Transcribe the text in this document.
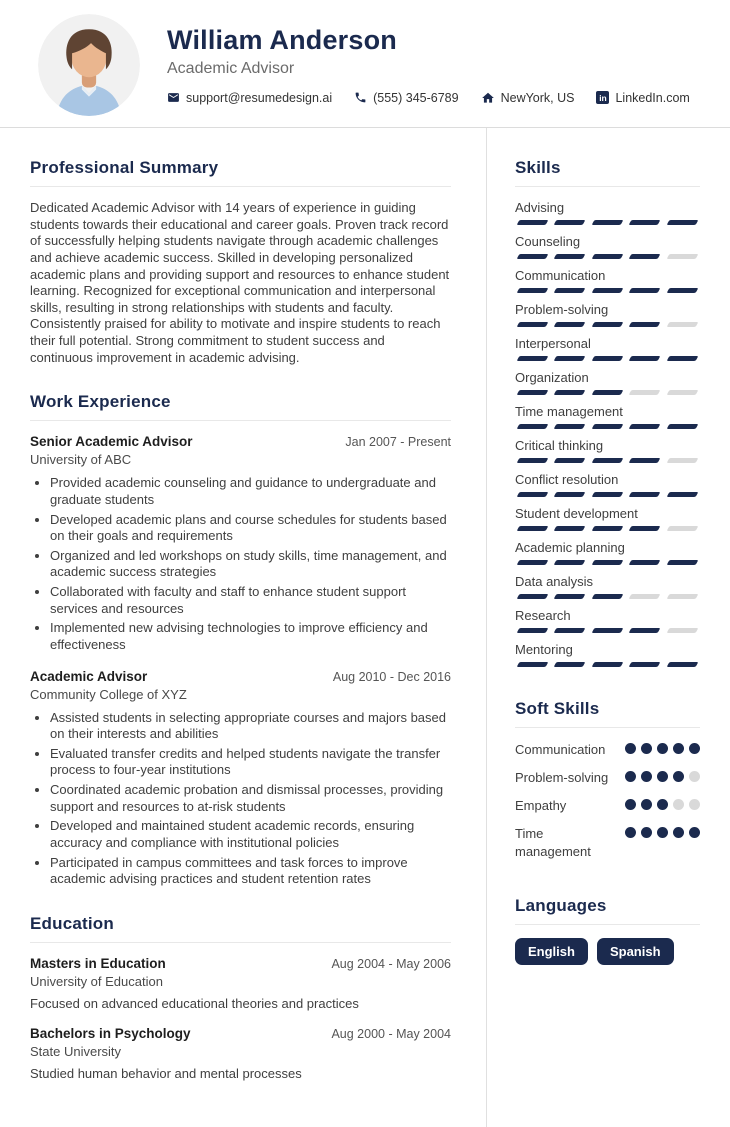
William Anderson
Academic Advisor
support@resumedesign.ai	(555) 345-6789	NewYork, US	in LinkedIn.com
Professional Summary

Dedicated Academic Advisor with 14 years of experience in guiding students towards their educational and career goals. Proven track record of successfully helping students navigate through academic challenges and achieve academic success. Skilled in developing personalized academic plans and providing support and resources to enhance student learning. Recognized for exceptional communication and interpersonal skills, resulting in strong relationships with students and faculty. Consistently praised for ability to motivate and inspire students to reach their full potential. Strong commitment to student success and continuous improvement in academic advising.

Work Experience
Senior Academic Advisor	Jan 2007 - Present
University of ABC
• Provided academic counseling and guidance to undergraduate and graduate students
• Developed academic plans and course schedules for students based on their goals and requirements
• Organized and led workshops on study skills, time management, and academic success strategies
• Collaborated with faculty and staff to enhance student support services and resources
• Implemented new advising technologies to improve efficiency and effectiveness
Academic Advisor	Aug 2010 - Dec 2016
Community College of XYZ
• Assisted students in selecting appropriate courses and majors based on their interests and abilities
• Evaluated transfer credits and helped students navigate the transfer process to four-year institutions
• Coordinated academic probation and dismissal processes, providing support and resources to at-risk students
• Developed and maintained student academic records, ensuring accuracy and compliance with institutional policies
• Participated in campus committees and task forces to improve academic advising practices and student retention rates
Education
Masters in Education	Aug 2004 - May 2006
University of Education
Focused on advanced educational theories and practices
Bachelors in Psychology	Aug 2000 - May 2004
State University
Studied human behavior and mental processes
Skills
Advising
Counseling
Communication
Problem-solving
Interpersonal
Organization
Time management
Critical thinking
Conflict resolution
Student development
Academic planning
Data analysis
Research
Mentoring
Soft Skills
Communication
Problem-solving
Empathy
Time management
Languages
English	Spanish
